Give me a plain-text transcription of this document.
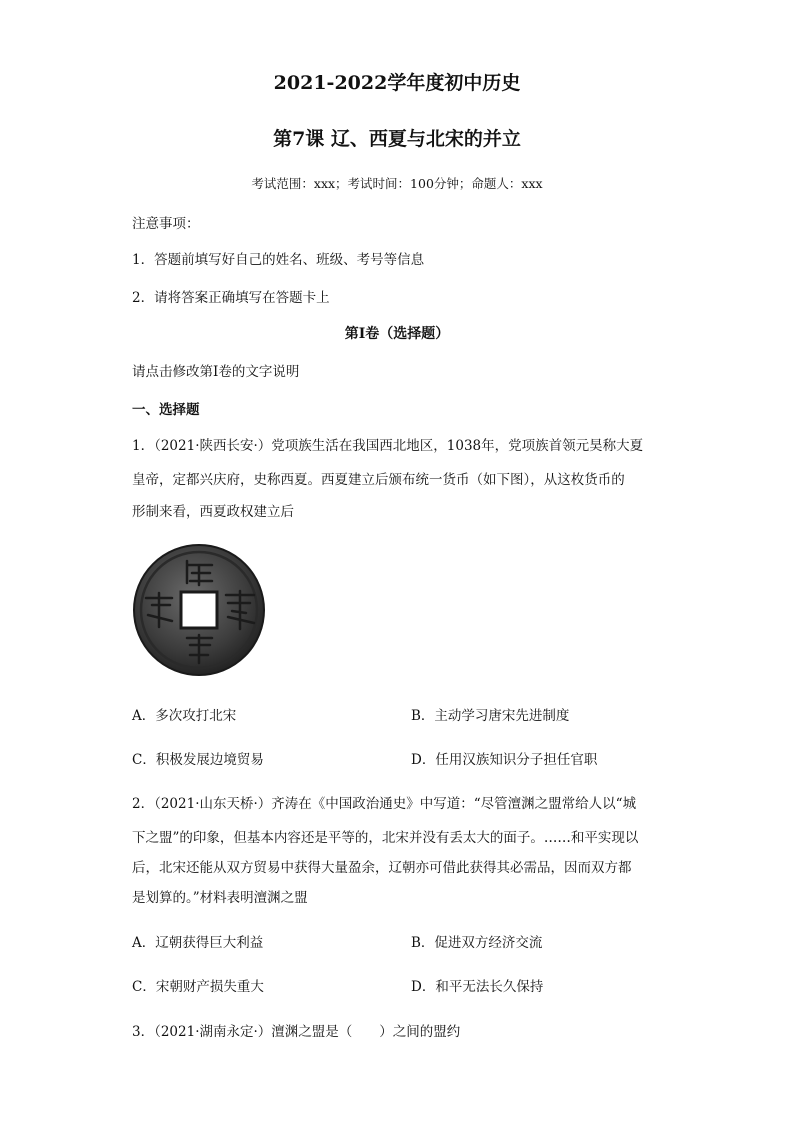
2021-2022学年度初中历史
第7课 辽、西夏与北宋的并立
考试范围：xxx；考试时间：100分钟；命题人：xxx
注意事项：
1．答题前填写好自己的姓名、班级、考号等信息
2．请将答案正确填写在答题卡上
第I卷（选择题）
请点击修改第I卷的文字说明
一、选择题
1．（2021·陕西长安·）党项族生活在我国西北地区，1038年，党项族首领元昊称大夏
皇帝，定都兴庆府，史称西夏。西夏建立后颁布统一货币（如下图），从这枚货币的
形制来看，西夏政权建立后
A．多次攻打北宋	B．主动学习唐宋先进制度
C．积极发展边境贸易	D．任用汉族知识分子担任官职
2．（2021·山东天桥·）齐涛在《中国政治通史》中写道：“尽管澶渊之盟常给人以“城
下之盟”的印象，但基本内容还是平等的，北宋并没有丢太大的面子。……和平实现以
后，北宋还能从双方贸易中获得大量盈余，辽朝亦可借此获得其必需品，因而双方都
是划算的。”材料表明澶渊之盟
A．辽朝获得巨大利益	B．促进双方经济交流
C．宋朝财产损失重大	D．和平无法长久保持
3．（2021·湖南永定·）澶渊之盟是（　　）之间的盟约
